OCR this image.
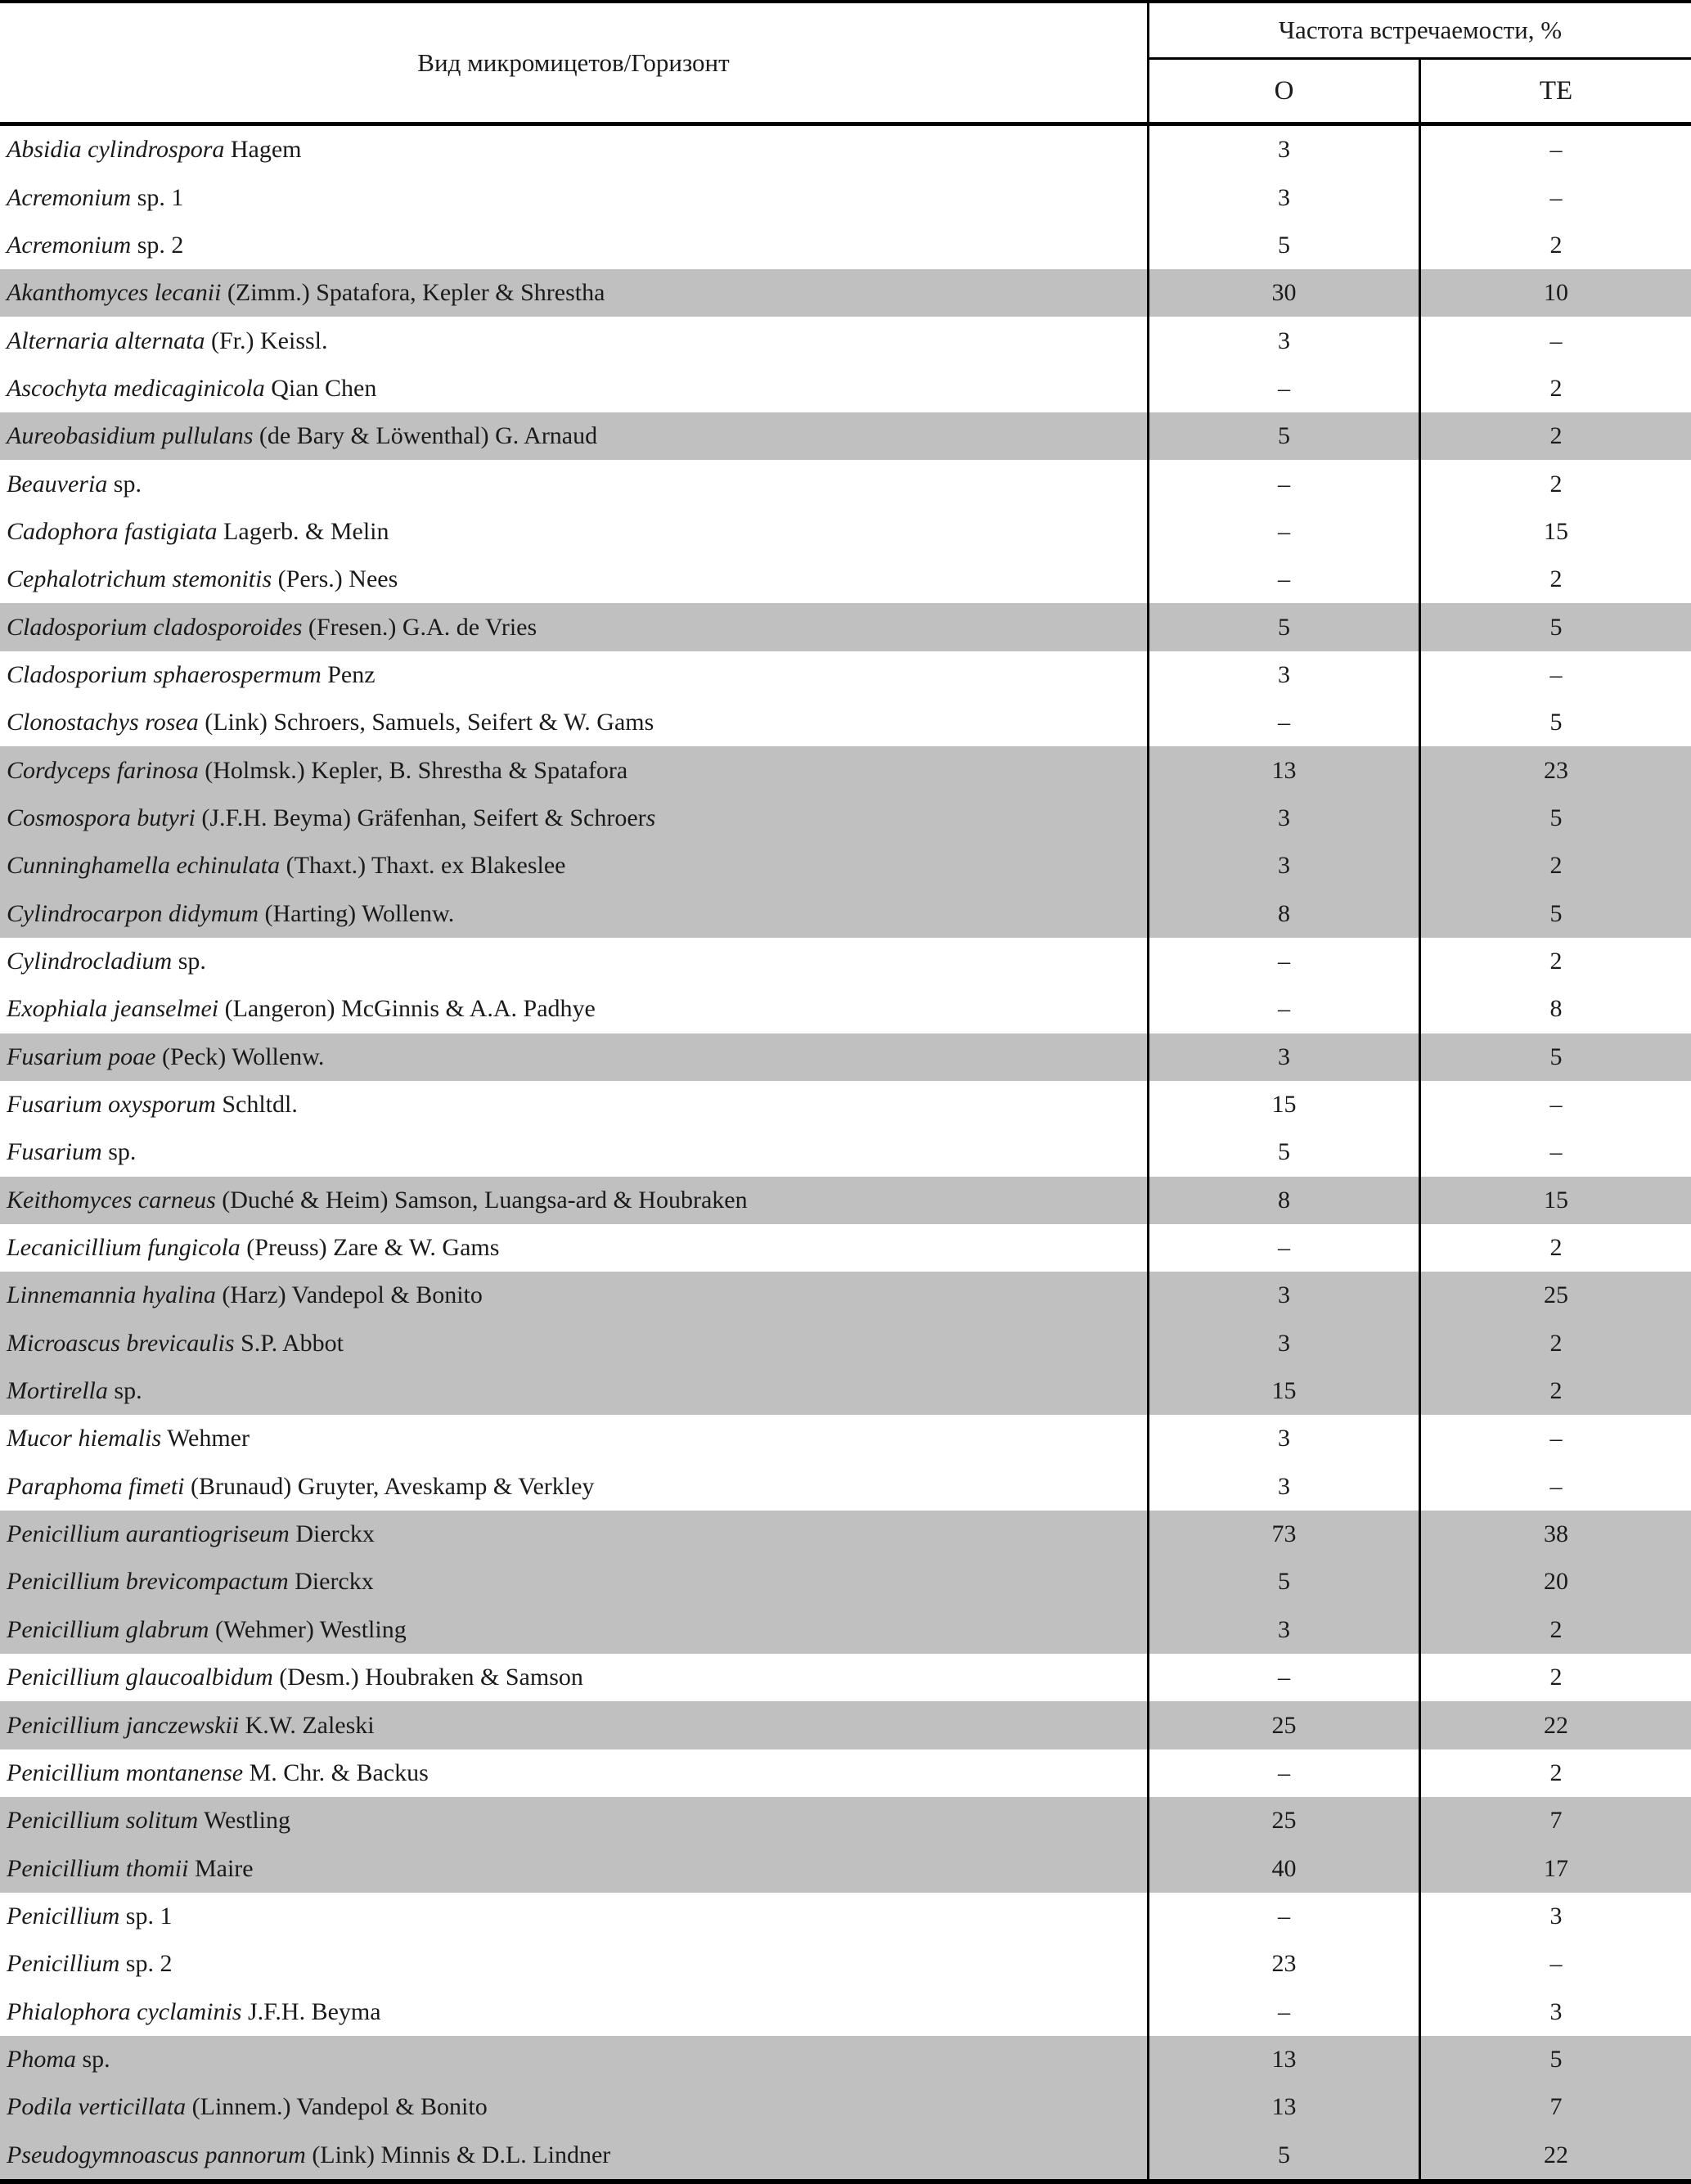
Вид микромицетов/Горизонт
Частота встречаемости, %
О	ТЕ
Absidia cylindrospora Hagem	3	–
Acremonium sp. 1	3	–
Acremonium sp. 2	5	2
Akanthomyces lecanii (Zimm.) Spatafora, Kepler & Shrestha	30	10
Alternaria alternata (Fr.) Keissl.	3	–
Ascochyta medicaginicola Qian Chen	–	2
Aureobasidium pullulans (de Bary & Löwenthal) G. Arnaud	5	2
Beauveria sp.	–	2
Cadophora fastigiata Lagerb. & Melin	–	15
Cephalotrichum stemonitis (Pers.) Nees	–	2
Cladosporium cladosporoides (Fresen.) G.A. de Vries	5	5
Cladosporium sphaerospermum Penz	3	–
Clonostachys rosea (Link) Schroers, Samuels, Seifert & W. Gams	–	5
Cordyceps farinosa (Holmsk.) Kepler, B. Shrestha & Spatafora	13	23
Cosmospora butyri (J.F.H. Beyma) Gräfenhan, Seifert & Schroers	3	5
Cunninghamella echinulata (Thaxt.) Thaxt. ex Blakeslee	3	2
Cylindrocarpon didymum (Harting) Wollenw.	8	5
Cylindrocladium sp.	–	2
Exophiala jeanselmei (Langeron) McGinnis & A.A. Padhye	–	8
Fusarium poae (Peck) Wollenw.	3	5
Fusarium oxysporum Schltdl.	15	–
Fusarium sp.	5	–
Keithomyces carneus (Duché & Heim) Samson, Luangsa-ard & Houbraken	8	15
Lecanicillium fungicola (Preuss) Zare & W. Gams	–	2
Linnemannia hyalina (Harz) Vandepol & Bonito	3	25
Microascus brevicaulis S.P. Abbot	3	2
Mortirella sp.	15	2
Mucor hiemalis Wehmer	3	–
Paraphoma fimeti (Brunaud) Gruyter, Aveskamp & Verkley	3	–
Penicillium aurantiogriseum Dierckx	73	38
Penicillium brevicompactum Dierckx	5	20
Penicillium glabrum (Wehmer) Westling	3	2
Penicillium glaucoalbidum (Desm.) Houbraken & Samson	–	2
Penicillium janczewskii K.W. Zaleski	25	22
Penicillium montanense M. Chr. & Backus	–	2
Penicillium solitum Westling	25	7
Penicillium thomii Maire	40	17
Penicillium sp. 1	–	3
Penicillium sp. 2	23	–
Phialophora cyclaminis J.F.H. Beyma	–	3
Phoma sp.	13	5
Podila verticillata (Linnem.) Vandepol & Bonito	13	7
Pseudogymnoascus pannorum (Link) Minnis & D.L. Lindner	5	22
